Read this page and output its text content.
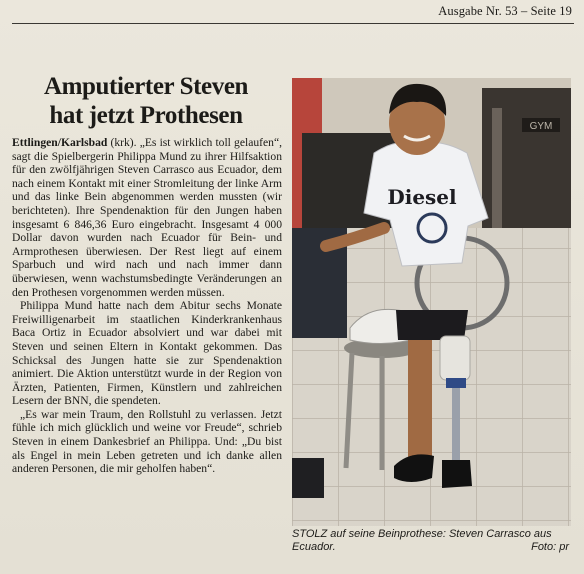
Ausgabe Nr. 53 – Seite 19
Amputierter Steven
hat jetzt Prothesen

Ettlingen/Karlsbad (krk). „Es ist wirklich toll gelaufen“, sagt die Spielbergerin Philippa Mund zu ihrer Hilfsaktion für den zwölfjährigen Steven Carrasco aus Ecuador, dem nach einem Kontakt mit einer Stromleitung der linke Arm und das linke Bein abgenommen werden mussten (wir berichteten). Ihre Spendenaktion für den Jungen haben insgesamt 6 846,36 Euro eingebracht. Insgesamt 4 000 Dollar davon wurden nach Ecuador für Bein- und Armprothesen überwiesen. Der Rest liegt auf einem Sparbuch und wird nach und nach immer dann überwiesen, wenn wachstumsbedingte Veränderungen an den Prothesen vorgenommen werden müssen.

Philippa Mund hatte nach dem Abitur sechs Monate Freiwilligenarbeit im staatlichen Kinderkrankenhaus Baca Ortiz in Ecuador absolviert und war dabei mit Steven und seinen Eltern in Kontakt gekommen. Das Schicksal des Jungen hatte sie zur Spendenaktion animiert. Die Aktion unterstützt wurde in der Region von Ärzten, Patienten, Firmen, Künstlern und zahlreichen Lesern der BNN, die spendeten.

„Es war mein Traum, den Rollstuhl zu verlassen. Jetzt fühle ich mich glücklich und weine vor Freude“, schrieb Steven in einem Dankesbrief an Philippa. Und: „Du bist als Engel in mein Leben getreten und ich danke allen anderen Personen, die mir geholfen haben“.

GYM
Diesel
STOLZ auf seine Beinprothese: Steven Carrasco aus Ecuador.	Foto: pr
